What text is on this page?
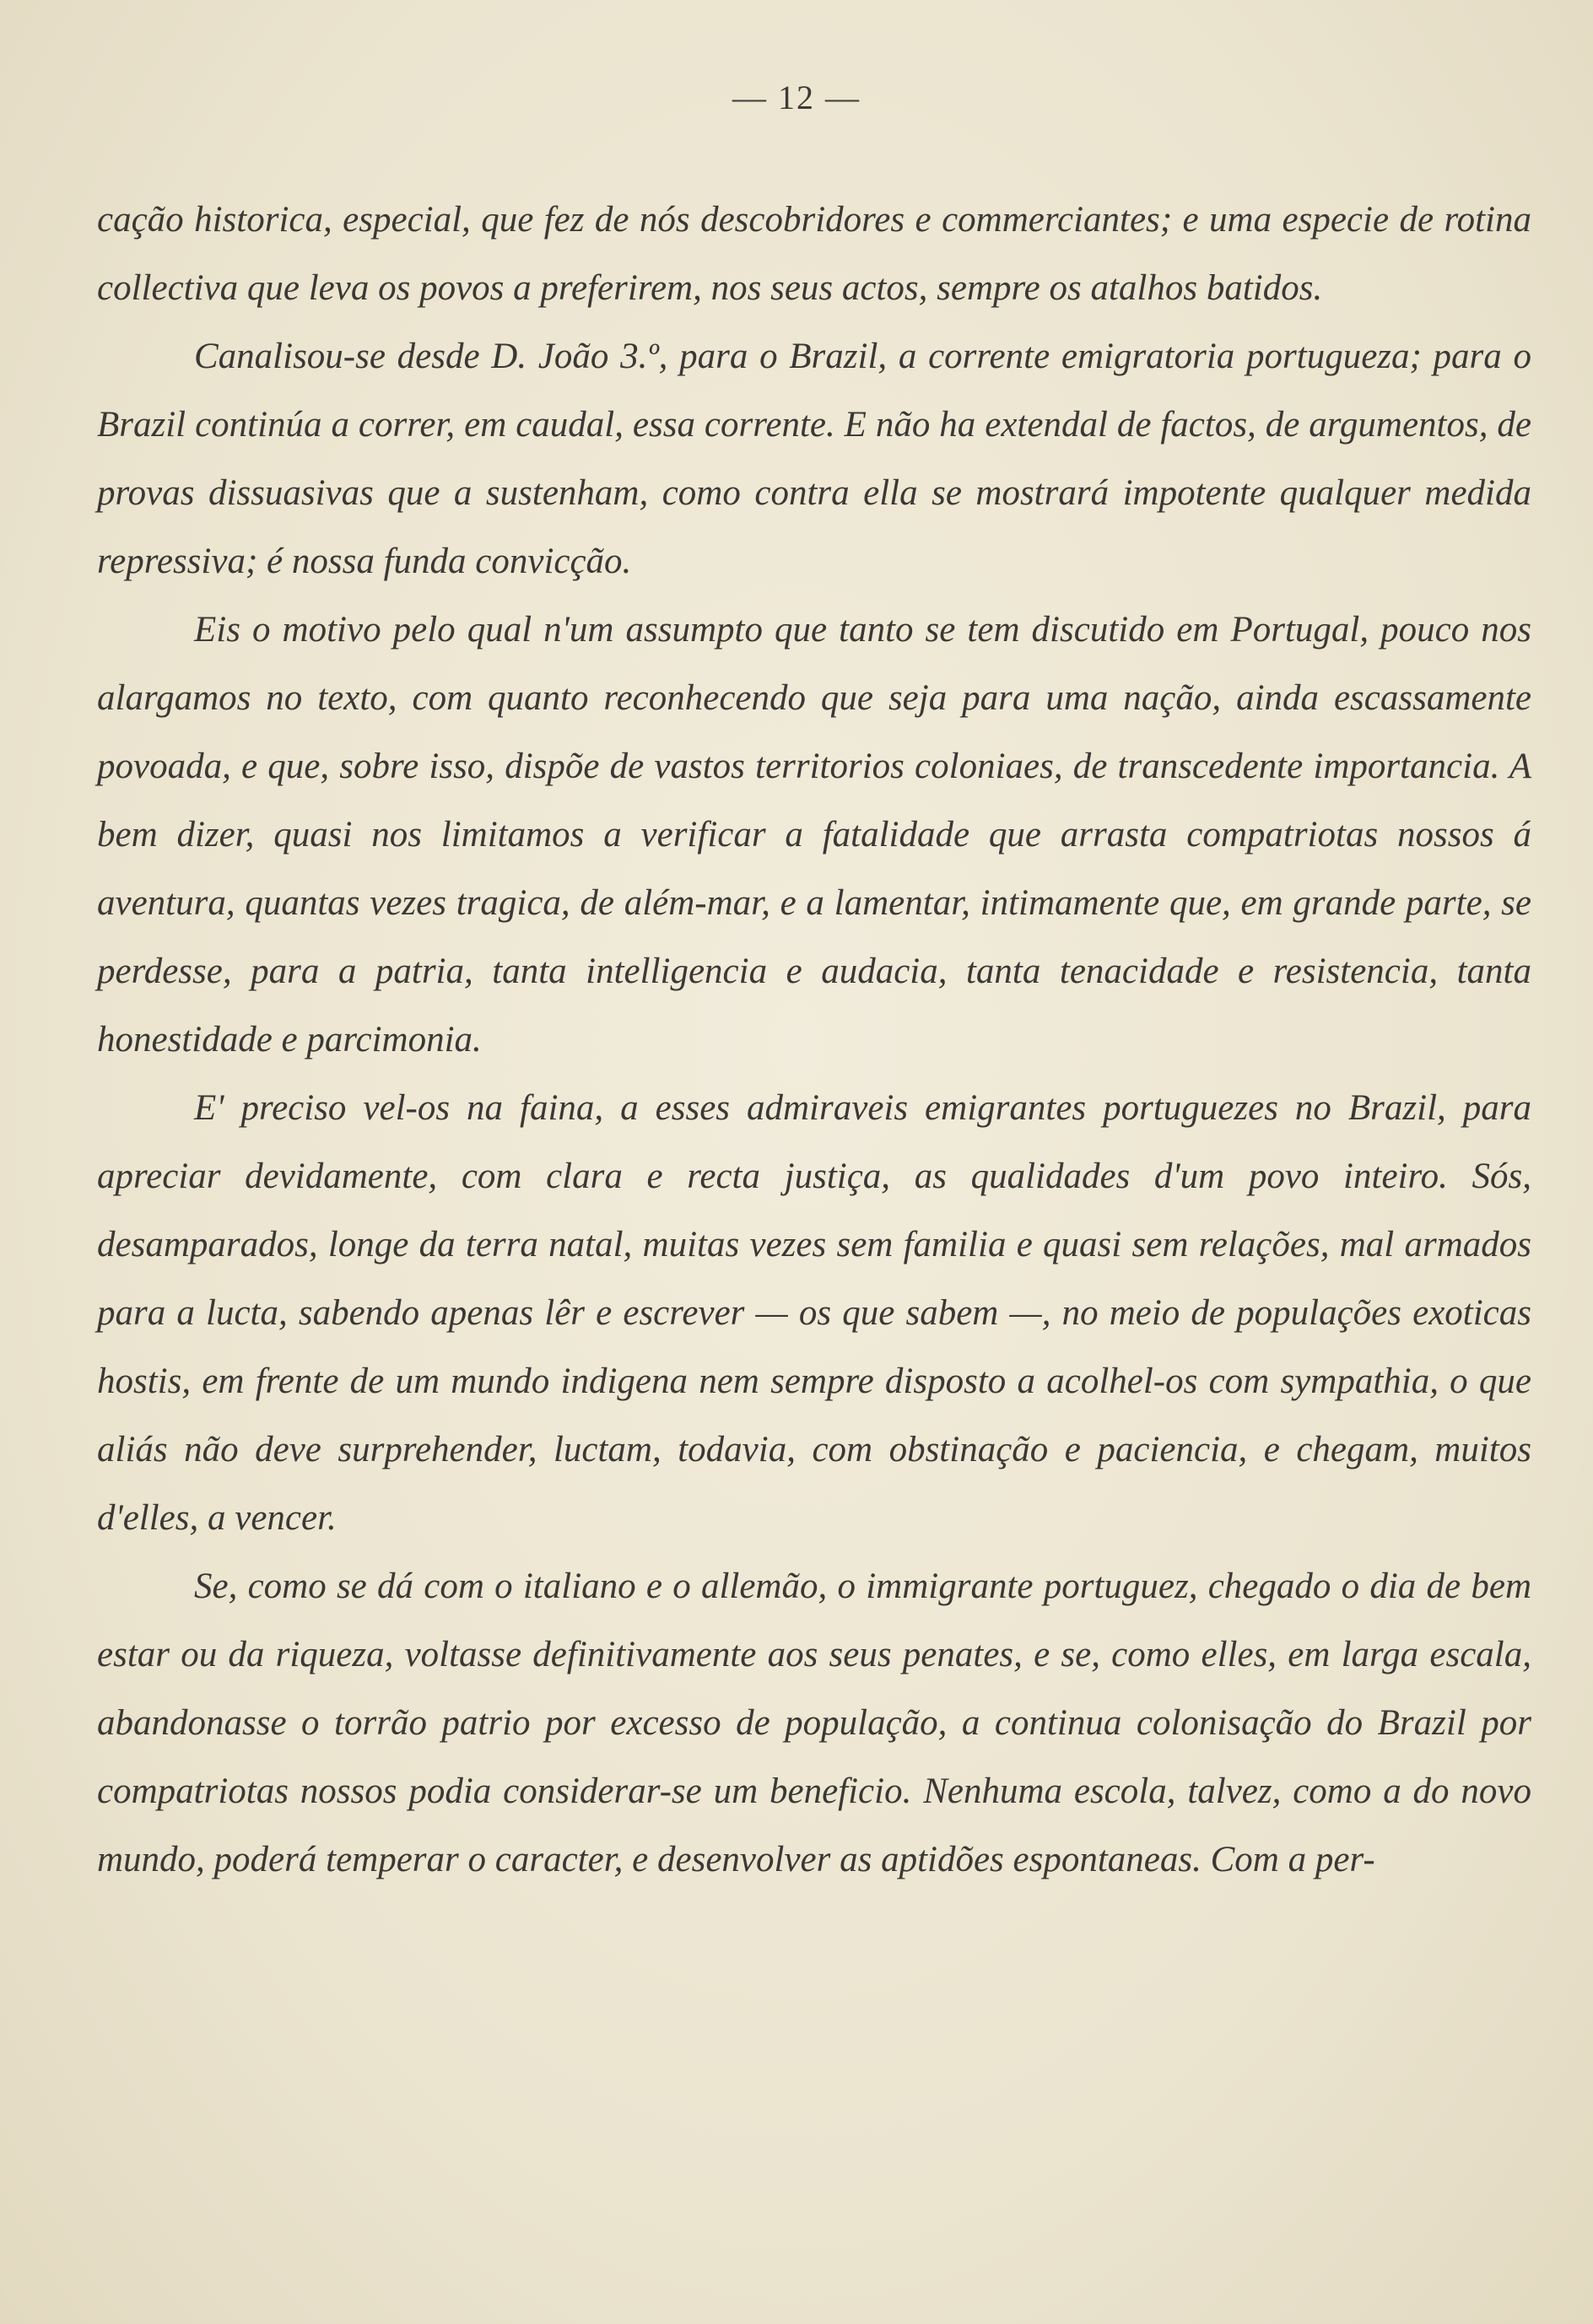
— 12 —

cação historica, especial, que fez de nós descobridores e commerciantes; e uma especie de rotina collectiva que leva os povos a preferirem, nos seus actos, sempre os atalhos batidos.

Canalisou-se desde D. João 3.º, para o Brazil, a corrente emigratoria portugueza; para o Brazil continúa a correr, em caudal, essa corrente. E não ha extendal de factos, de argumentos, de provas dissuasivas que a sustenham, como contra ella se mostrará impotente qualquer medida repressiva; é nossa funda convicção.

Eis o motivo pelo qual n'um assumpto que tanto se tem discutido em Portugal, pouco nos alargamos no texto, com quanto reconhecendo que seja para uma nação, ainda escassamente povoada, e que, sobre isso, dispõe de vastos territorios coloniaes, de transcedente importancia. A bem dizer, quasi nos limitamos a verificar a fatalidade que arrasta compatriotas nossos á aventura, quantas vezes tragica, de além-mar, e a lamentar, intimamente que, em grande parte, se perdesse, para a patria, tanta intelligencia e audacia, tanta tenacidade e resistencia, tanta honestidade e parcimonia.

E' preciso vel-os na faina, a esses admiraveis emigrantes portuguezes no Brazil, para apreciar devidamente, com clara e recta justiça, as qualidades d'um povo inteiro. Sós, desamparados, longe da terra natal, muitas vezes sem familia e quasi sem relações, mal armados para a lucta, sabendo apenas lêr e escrever — os que sabem —, no meio de populações exoticas hostis, em frente de um mundo indigena nem sempre disposto a acolhel-os com sympathia, o que aliás não deve surprehender, luctam, todavia, com obstinação e paciencia, e chegam, muitos d'elles, a vencer.

Se, como se dá com o italiano e o allemão, o immigrante portuguez, chegado o dia de bem estar ou da riqueza, voltasse definitivamente aos seus penates, e se, como elles, em larga escala, abandonasse o torrão patrio por excesso de população, a continua colonisação do Brazil por compatriotas nossos podia considerar-se um beneficio. Nenhuma escola, talvez, como a do novo mundo, poderá temperar o caracter, e desenvolver as aptidões espontaneas. Com a per-
